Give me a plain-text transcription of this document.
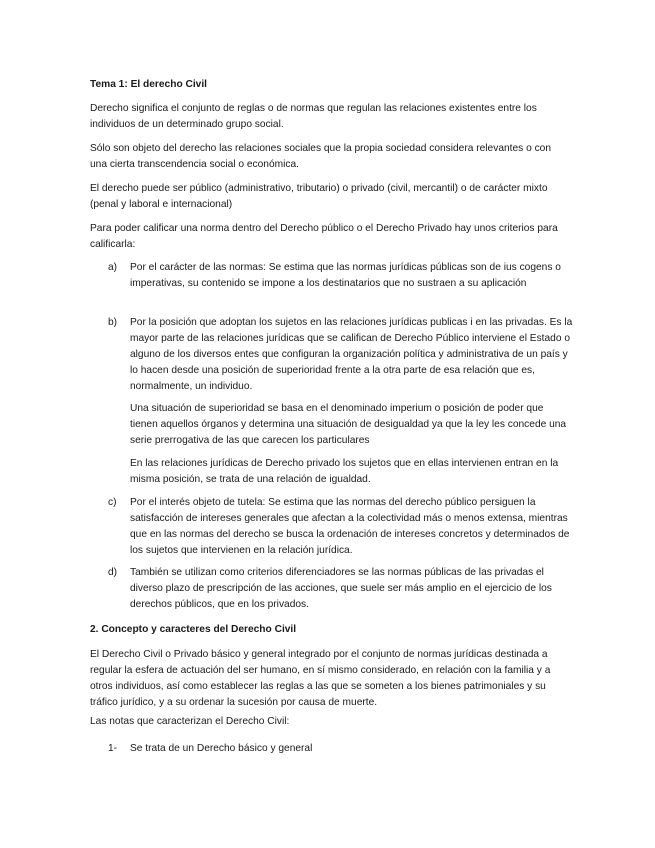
Tema 1: El derecho Civil

Derecho significa el conjunto de reglas o de normas que regulan las relaciones existentes entre los individuos de un determinado grupo social.

Sólo son objeto del derecho las relaciones sociales que la propia sociedad considera relevantes o con una cierta transcendencia social o económica.

El derecho puede ser público (administrativo, tributario) o privado (civil, mercantil) o de carácter mixto (penal y laboral e internacional)

Para poder calificar una norma dentro del Derecho público o el Derecho Privado hay unos criterios para calificarla:

a)	Por el carácter de las normas: Se estima que las normas jurídicas públicas son de ius cogens o imperativas, su contenido se impone a los destinatarios que no sustraen a su aplicación
b)	Por la posición que adoptan los sujetos en las relaciones jurídicas publicas i en las privadas. Es la mayor parte de las relaciones jurídicas que se califican de Derecho Público interviene el Estado o alguno de los diversos entes que configuran la organización política y administrativa de un país y lo hacen desde una posición de superioridad frente a la otra parte de esa relación que es, normalmente, un individuo.

Una situación de superioridad se basa en el denominado imperium o posición de poder que tienen aquellos órganos y determina una situación de desigualdad ya que la ley les concede una serie prerrogativa de las que carecen los particulares

En las relaciones jurídicas de Derecho privado los sujetos que en ellas intervienen entran en la misma posición, se trata de una relación de igualdad.

c)	Por el interés objeto de tutela: Se estima que las normas del derecho público persiguen la satisfacción de intereses generales que afectan a la colectividad más o menos extensa, mientras que en las normas del derecho se busca la ordenación de intereses concretos y determinados de los sujetos que intervienen en la relación jurídica.
d)	También se utilizan como criterios diferenciadores se las normas públicas de las privadas el diverso plazo de prescripción de las acciones, que suele ser más amplio en el ejercicio de los derechos públicos, que en los privados.
2. Concepto y caracteres del Derecho Civil

El Derecho Civil o Privado básico y general integrado por el conjunto de normas jurídicas destinada a regular la esfera de actuación del ser humano, en sí mismo considerado, en relación con la familia y a otros individuos, así como establecer las reglas a las que se someten a los bienes patrimoniales y su tráfico jurídico, y a su ordenar la sucesión por causa de muerte.

Las notas que caracterizan el Derecho Civil:

1-	Se trata de un Derecho básico y general
